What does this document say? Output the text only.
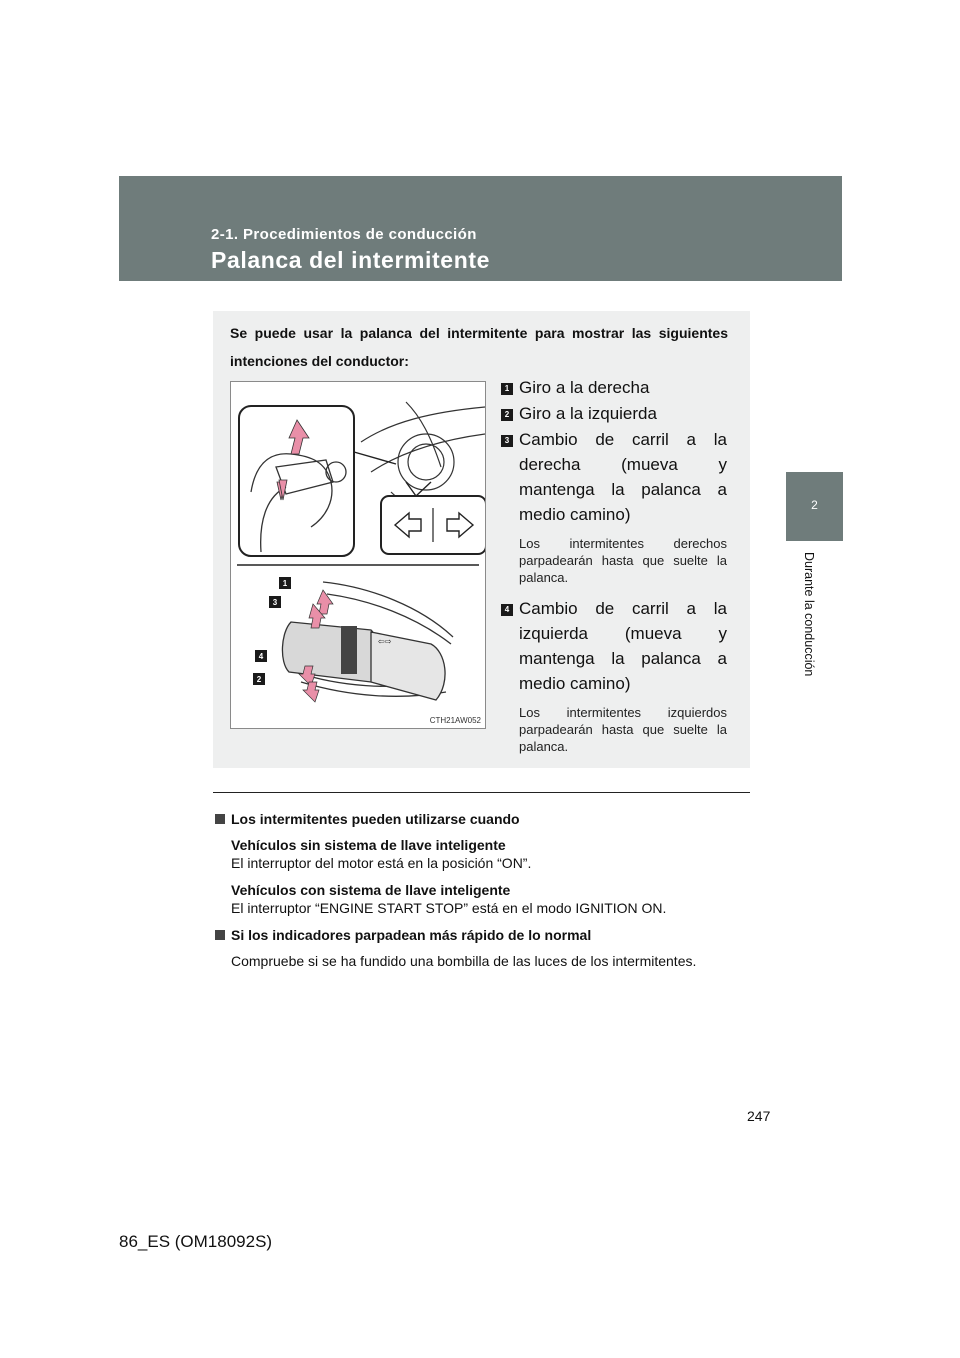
2-1. Procedimientos de conducción
Palanca del intermitente
2
Durante la conducción
Se puede usar la palanca del intermitente para mostrar las siguientes intenciones del conductor:
⇦⇨
1
3
4
2
CTH21AW052
1 Giro a la derecha
2 Giro a la izquierda
3 Cambio de carril a la derecha (mueva y mantenga la palanca a medio camino)
Los intermitentes derechos parpadearán hasta que suelte la palanca.
4 Cambio de carril a la izquierda (mueva y mantenga la palanca a medio camino)
Los intermitentes izquierdos parpadearán hasta que suelte la palanca.
Los intermitentes pueden utilizarse cuando
Vehículos sin sistema de llave inteligente
El interruptor del motor está en la posición “ON”.
Vehículos con sistema de llave inteligente
El interruptor “ENGINE START STOP” está en el modo IGNITION ON.
Si los indicadores parpadean más rápido de lo normal
Compruebe si se ha fundido una bombilla de las luces de los intermitentes.
247
86_ES (OM18092S)
